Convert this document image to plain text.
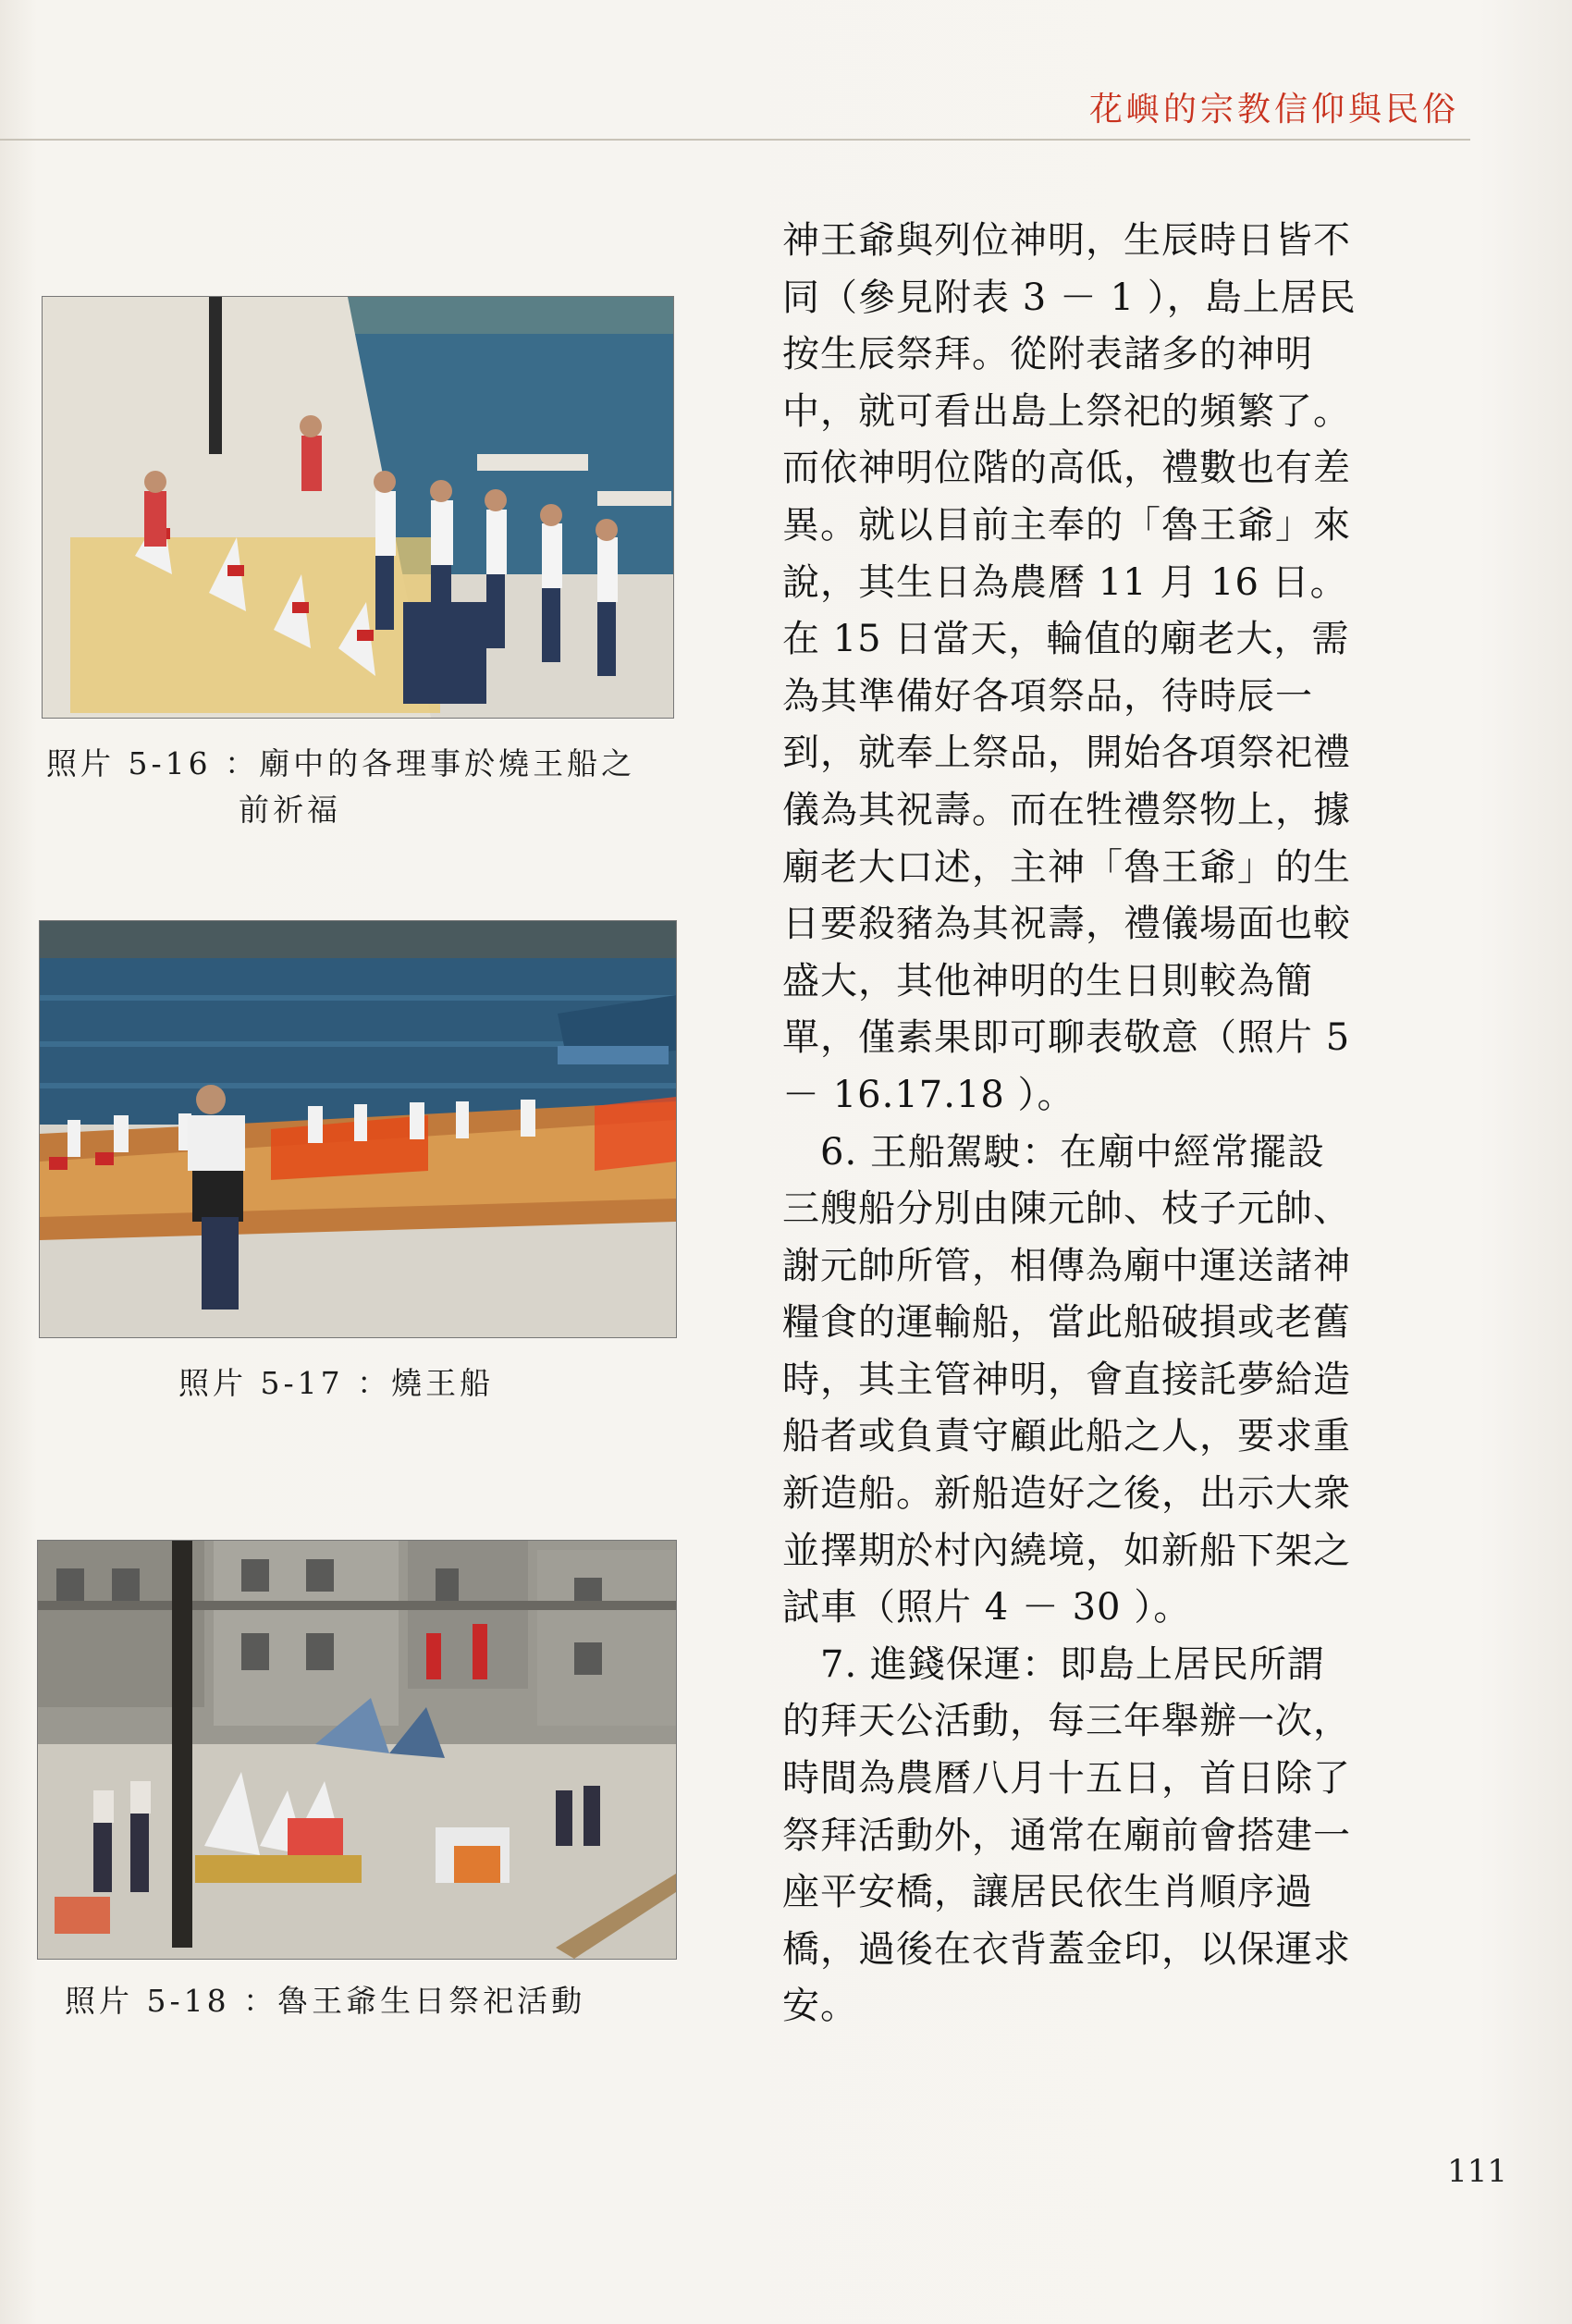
花嶼的宗教信仰與民俗
照片 5-16 ：廟中的各理事於燒王船之
前祈福
照片 5-17 ：燒王船
照片 5-18 ：魯王爺生日祭祀活動

神王爺與列位神明，生辰時日皆不
同（參見附表 3 － 1 ），島上居民
按生辰祭拜。從附表諸多的神明
中，就可看出島上祭祀的頻繁了。
而依神明位階的高低，禮數也有差
異。就以目前主奉的「魯王爺」來
說，其生日為農曆 11 月 16 日。
在 15 日當天，輪值的廟老大，需
為其準備好各項祭品，待時辰一
到，就奉上祭品，開始各項祭祀禮
儀為其祝壽。而在牲禮祭物上，據
廟老大口述，主神「魯王爺」的生
日要殺豬為其祝壽，禮儀場面也較
盛大，其他神明的生日則較為簡
單，僅素果即可聊表敬意（照片 5
－ 16.17.18 ）。

　6. 王船駕駛：在廟中經常擺設
三艘船分別由陳元帥、枝子元帥、
謝元帥所管，相傳為廟中運送諸神
糧食的運輸船，當此船破損或老舊
時，其主管神明，會直接託夢給造
船者或負責守顧此船之人，要求重
新造船。新船造好之後，出示大衆
並擇期於村內繞境，如新船下架之
試車（照片 4 － 30 ）。

　7. 進錢保運：即島上居民所謂
的拜天公活動，每三年舉辦一次，
時間為農曆八月十五日，首日除了
祭拜活動外，通常在廟前會搭建一
座平安橋，讓居民依生肖順序過
橋，過後在衣背蓋金印，以保運求
安。

111
